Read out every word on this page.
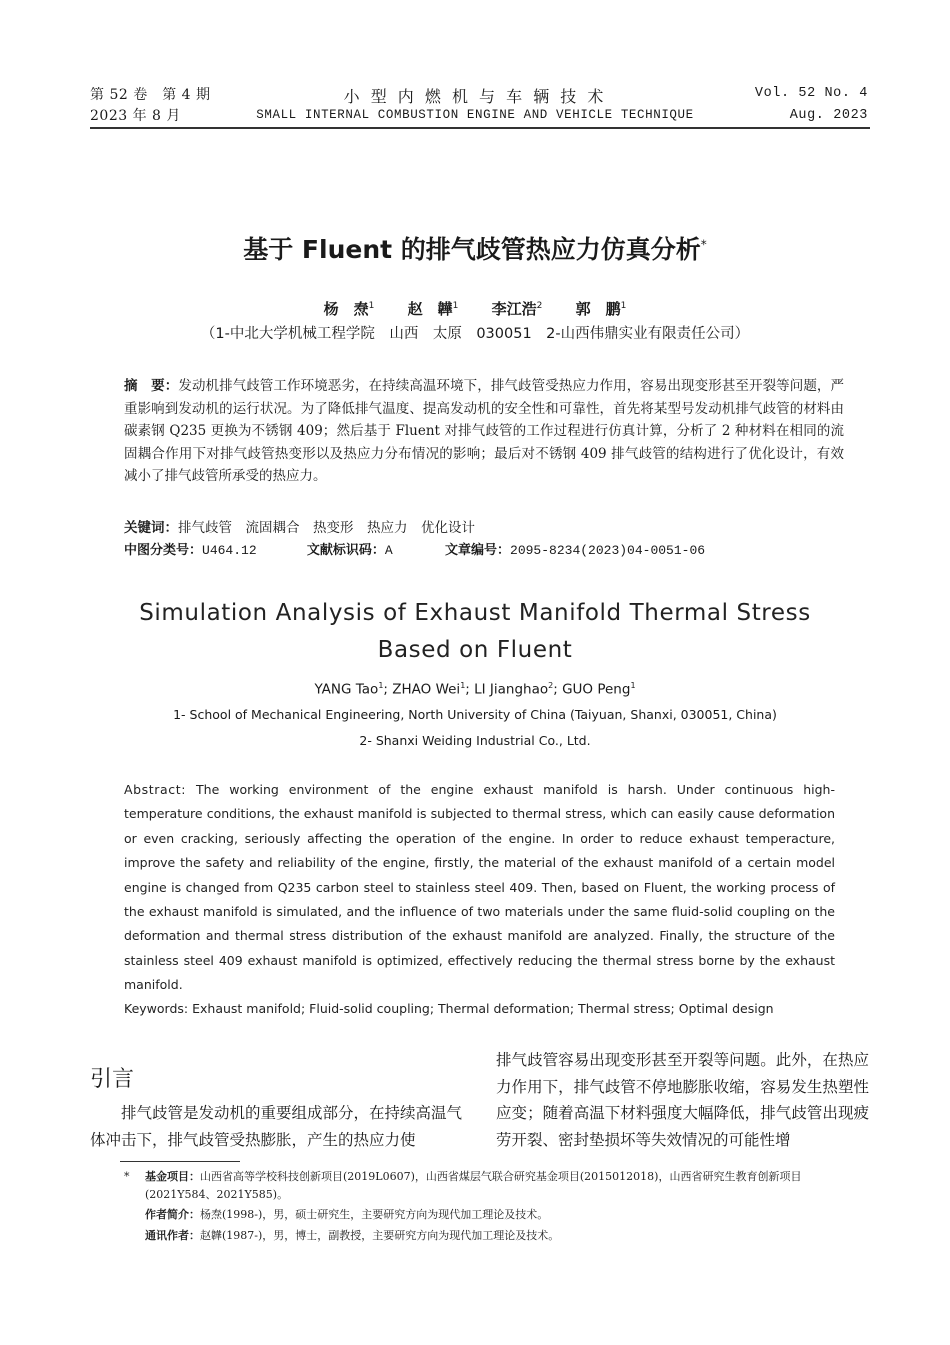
第 52 卷　第 4 期
2023 年 8 月
小 型 内 燃 机 与 车 辆 技 术
SMALL INTERNAL COMBUSTION ENGINE AND VEHICLE TECHNIQUE
Vol. 52 No. 4
Aug. 2023
基于 Fluent 的排气歧管热应力仿真分析*
杨　焘$^1$ 赵　韡$^1$ 李江浩$^2$ 郭　鹏$^1$
（1-中北大学机械工程学院　山西　太原　030051　2-山西伟鼎实业有限责任公司）
摘　要：发动机排气歧管工作环境恶劣，在持续高温环境下，排气歧管受热应力作用，容易出现变形甚至开裂等问题，严重影响到发动机的运行状况。为了降低排气温度、提高发动机的安全性和可靠性，首先将某型号发动机排气歧管的材料由碳素钢 Q235 更换为不锈钢 409；然后基于 Fluent 对排气歧管的工作过程进行仿真计算，分析了 2 种材料在相同的流固耦合作用下对排气歧管热变形以及热应力分布情况的影响；最后对不锈钢 409 排气歧管的结构进行了优化设计，有效减小了排气歧管所承受的热应力。
关键词：排气歧管　流固耦合　热变形　热应力　优化设计
中图分类号：U464.12	文献标识码：A	文章编号：2095-8234(2023)04-0051-06
Simulation Analysis of Exhaust Manifold Thermal Stress
Based on Fluent
YANG Tao$^1$; ZHAO Wei$^1$; LI Jianghao$^2$; GUO Peng$^1$
1- School of Mechanical Engineering, North University of China (Taiyuan, Shanxi, 030051, China)
2- Shanxi Weiding Industrial Co., Ltd.
Abstract: The working environment of the engine exhaust manifold is harsh. Under continuous high-temperature conditions, the exhaust manifold is subjected to thermal stress, which can easily cause deformation or even cracking, seriously affecting the operation of the engine. In order to reduce exhaust temperacture, improve the safety and reliability of the engine, firstly, the material of the exhaust manifold of a certain model engine is changed from Q235 carbon steel to stainless steel 409. Then, based on Fluent, the working process of the exhaust manifold is simulated, and the influence of two materials under the same fluid-solid coupling on the deformation and thermal stress distribution of the exhaust manifold are analyzed. Finally, the structure of the stainless steel 409 exhaust manifold is optimized, effectively reducing the thermal stress borne by the exhaust manifold.
Keywords: Exhaust manifold; Fluid-solid coupling; Thermal deformation; Thermal stress; Optimal design
引言
排气歧管是发动机的重要组成部分，在持续高温气体冲击下，排气歧管受热膨胀，产生的热应力使
排气歧管容易出现变形甚至开裂等问题。此外，在热应力作用下，排气歧管不停地膨胀收缩，容易发生热塑性应变；随着高温下材料强度大幅降低，排气歧管出现疲劳开裂、密封垫损坏等失效情况的可能性增
* 基金项目：山西省高等学校科技创新项目(2019L0607)，山西省煤层气联合研究基金项目(2015012018)，山西省研究生教育创新项目(2021Y584、2021Y585)。
作者简介：杨焘(1998-)，男，硕士研究生，主要研究方向为现代加工理论及技术。
通讯作者：赵韡(1987-)，男，博士，副教授，主要研究方向为现代加工理论及技术。
